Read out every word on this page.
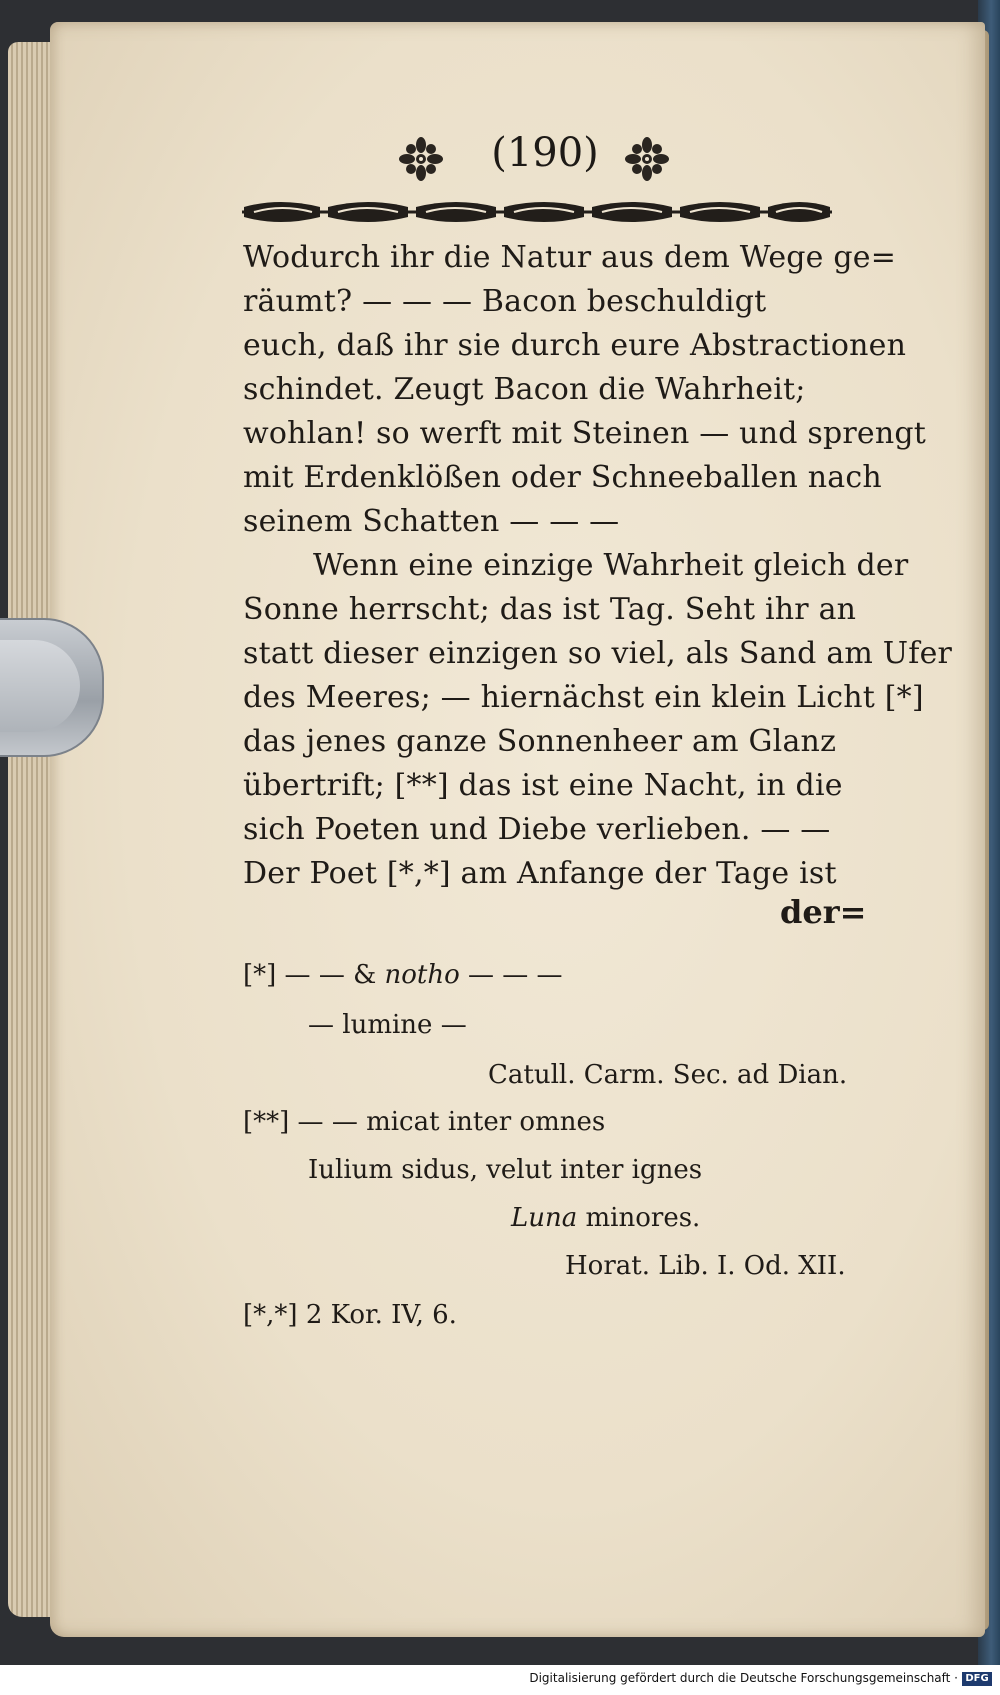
(190)
Wodurch ihr die Natur aus dem Wege ge=
räumt? — — — Bacon beschuldigt
euch, daß ihr sie durch eure Abstractionen
schindet. Zeugt Bacon die Wahrheit;
wohlan! so werft mit Steinen — und sprengt
mit Erdenklößen oder Schneeballen nach
seinem Schatten — — —
Wenn eine einzige Wahrheit gleich der
Sonne herrscht; das ist Tag. Seht ihr an
statt dieser einzigen so viel, als Sand am Ufer
des Meeres; — hiernächst ein klein Licht [*]
das jenes ganze Sonnenheer am Glanz
übertrift; [**] das ist eine Nacht, in die
sich Poeten und Diebe verlieben. — —
Der Poet [*,*] am Anfange der Tage ist
der=
[*] — — & notho — — —
— lumine —
Catull. Carm. Sec. ad Dian.
[**] — — micat inter omnes
Iulium sidus, velut inter ignes
Luna minores.
Horat. Lib. I. Od. XII.
[*,*] 2 Kor. IV, 6.
Digitalisierung gefördert durch die Deutsche Forschungsgemeinschaft · DFG
